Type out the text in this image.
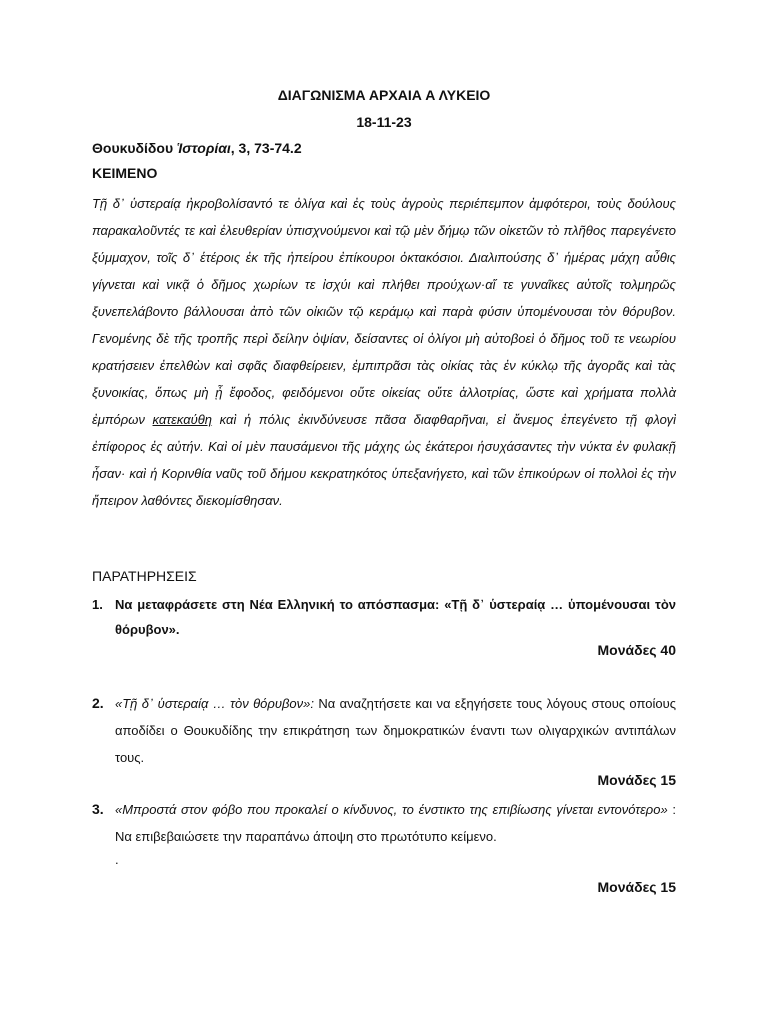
ΔΙΑΓΩΝΙΣΜΑ ΑΡΧΑΙΑ Α ΛΥΚΕΙΟ
18-11-23
Θουκυδίδου Ἱστορίαι, 3, 73-74.2
ΚΕΙΜΕΝΟ
Τῇ δ᾽ ὑστεραίᾳ ἠκροβολίσαντό τε ὀλίγα καὶ ἐς τοὺς ἀγροὺς περιέπεμπον ἀμφότεροι, τοὺς δούλους παρακαλοῦντές τε καὶ ἐλευθερίαν ὑπισχνούμενοι καὶ τῷ μὲν δήμῳ τῶν οἰκετῶν τὸ πλῆθος παρεγένετο ξύμμαχον, τοῖς δ᾽ ἑτέροις ἐκ τῆς ἠπείρου ἐπίκουροι ὀκτακόσιοι. Διαλιπούσης δ᾽ ἡμέρας μάχη αὖθις γίγνεται καὶ νικᾷ ὁ δῆμος χωρίων τε ἰσχύι καὶ πλήθει προύχων·αἵ τε γυναῖκες αὐτοῖς τολμηρῶς ξυνεπελάβοντο βάλλουσαι ἀπὸ τῶν οἰκιῶν τῷ κεράμῳ καὶ παρὰ φύσιν ὑπομένουσαι τὸν θόρυβον. Γενομένης δὲ τῆς τροπῆς περὶ δείλην ὀψίαν, δείσαντες οἱ ὀλίγοι μὴ αὐτοβοεὶ ὁ δῆμος τοῦ τε νεωρίου κρατήσειεν ἐπελθὼν καὶ σφᾶς διαφθείρειεν, ἐμπιπρᾶσι τὰς οἰκίας τὰς ἐν κύκλῳ τῆς ἀγορᾶς καὶ τὰς ξυνοικίας, ὅπως μὴ ᾖ ἔφοδος, φειδόμενοι οὔτε οἰκείας οὔτε ἀλλοτρίας, ὥστε καὶ χρήματα πολλὰ ἐμπόρων κατεκαύθη καὶ ἡ πόλις ἐκινδύνευσε πᾶσα διαφθαρῆναι, εἰ ἄνεμος ἐπεγένετο τῇ φλογὶ ἐπίφορος ἐς αὐτήν. Καὶ οἱ μὲν παυσάμενοι τῆς μάχης ὡς ἑκάτεροι ἡσυχάσαντες τὴν νύκτα ἐν φυλακῇ ἦσαν· καὶ ἡ Κορινθία ναῦς τοῦ δήμου κεκρατηκότος ὑπεξανήγετο, καὶ τῶν ἐπικούρων οἱ πολλοὶ ἐς τὴν ἤπειρον λαθόντες διεκομίσθησαν.
ΠΑΡΑΤΗΡΗΣΕΙΣ
1. Να μεταφράσετε στη Νέα Ελληνική το απόσπασμα: «Τῇ δ᾽ ὑστεραίᾳ … ὑπομένουσαι τὸν θόρυβον».
Μονάδες 40
2. «Τῇ δ᾽ ὑστεραίᾳ … τὸν θόρυβον»: Να αναζητήσετε και να εξηγήσετε τους λόγους στους οποίους αποδίδει ο Θουκυδίδης την επικράτηση των δημοκρατικών έναντι των ολιγαρχικών αντιπάλων τους.
Μονάδες 15
3. «Μπροστά στον φόβο που προκαλεί ο κίνδυνος, το ένστικτο της επιβίωσης γίνεται εντονότερο» : Να επιβεβαιώσετε την παραπάνω άποψη στο πρωτότυπο κείμενο.
.
Μονάδες 15
